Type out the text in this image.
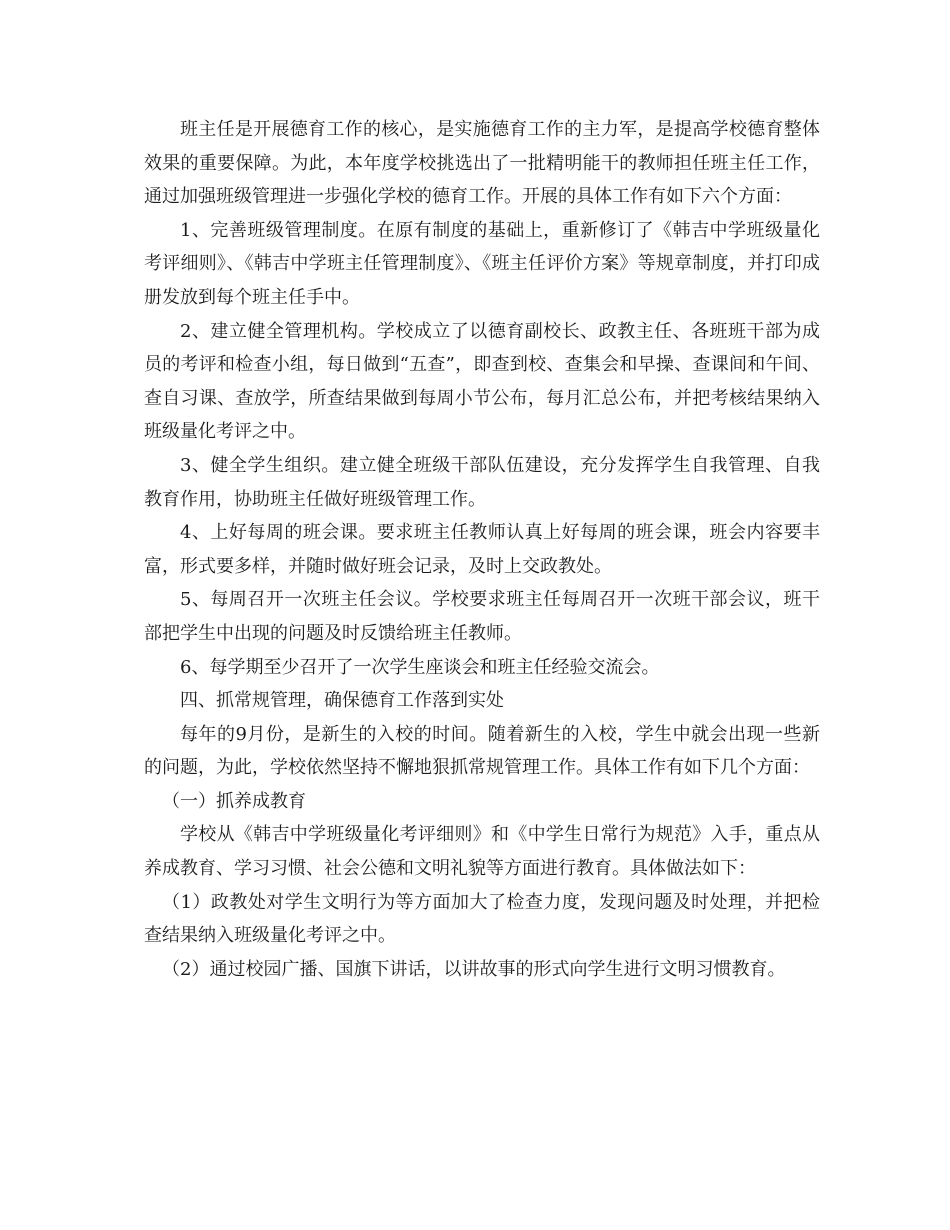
班主任是开展德育工作的核心，是实施德育工作的主力军，是提高学校德育整体效果的重要保障。为此，本年度学校挑选出了一批精明能干的教师担任班主任工作，通过加强班级管理进一步强化学校的德育工作。开展的具体工作有如下六个方面：

1、完善班级管理制度。在原有制度的基础上，重新修订了《韩吉中学班级量化考评细则》、《韩吉中学班主任管理制度》、《班主任评价方案》等规章制度，并打印成册发放到每个班主任手中。

2、建立健全管理机构。学校成立了以德育副校长、政教主任、各班班干部为成员的考评和检查小组，每日做到“五查”，即查到校、查集会和早操、查课间和午间、查自习课、查放学，所查结果做到每周小节公布，每月汇总公布，并把考核结果纳入班级量化考评之中。

3、健全学生组织。建立健全班级干部队伍建设，充分发挥学生自我管理、自我教育作用，协助班主任做好班级管理工作。

4、上好每周的班会课。要求班主任教师认真上好每周的班会课，班会内容要丰富，形式要多样，并随时做好班会记录，及时上交政教处。

5、每周召开一次班主任会议。学校要求班主任每周召开一次班干部会议，班干部把学生中出现的问题及时反馈给班主任教师。

6、每学期至少召开了一次学生座谈会和班主任经验交流会。

四、抓常规管理，确保德育工作落到实处

每年的9月份，是新生的入校的时间。随着新生的入校，学生中就会出现一些新的问题，为此，学校依然坚持不懈地狠抓常规管理工作。具体工作有如下几个方面：

（一）抓养成教育

学校从《韩吉中学班级量化考评细则》和《中学生日常行为规范》入手，重点从养成教育、学习习惯、社会公德和文明礼貌等方面进行教育。具体做法如下：

（1）政教处对学生文明行为等方面加大了检查力度，发现问题及时处理，并把检查结果纳入班级量化考评之中。

（2）通过校园广播、国旗下讲话，以讲故事的形式向学生进行文明习惯教育。
